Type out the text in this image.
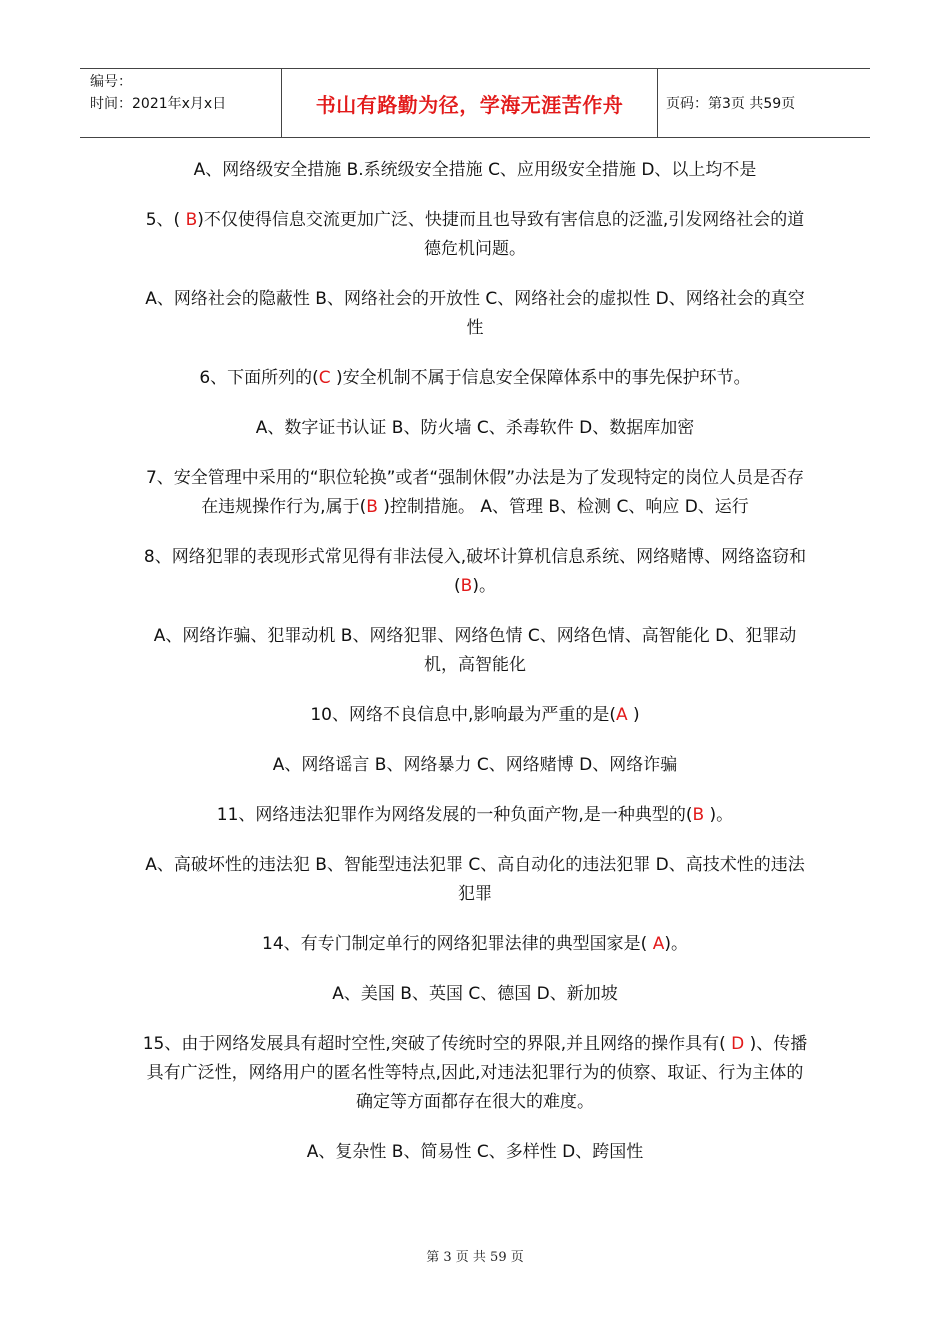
编号：
时间：2021年x月x日	书山有路勤为径，学海无涯苦作舟	页码：第3页 共59页
A、网络级安全措施 B.系统级安全措施 C、应用级安全措施 D、以上均不是
5、( B)不仅使得信息交流更加广泛、快捷而且也导致有害信息的泛滥,引发网络社会的道德危机问题。
A、网络社会的隐蔽性 B、网络社会的开放性 C、网络社会的虚拟性 D、网络社会的真空性
6、下面所列的(C )安全机制不属于信息安全保障体系中的事先保护环节。
A、数字证书认证 B、防火墙 C、杀毒软件 D、数据库加密
7、安全管理中采用的“职位轮换”或者“强制休假”办法是为了发现特定的岗位人员是否存在违规操作行为,属于(B )控制措施。 A、管理 B、检测 C、响应 D、运行
8、网络犯罪的表现形式常见得有非法侵入,破坏计算机信息系统、网络赌博、网络盗窃和(B)。
A、网络诈骗、犯罪动机 B、网络犯罪、网络色情 C、网络色情、高智能化 D、犯罪动机，高智能化
10、网络不良信息中,影响最为严重的是(A )
A、网络谣言 B、网络暴力 C、网络赌博 D、网络诈骗
11、网络违法犯罪作为网络发展的一种负面产物,是一种典型的(B )。
A、高破坏性的违法犯 B、智能型违法犯罪 C、高自动化的违法犯罪 D、高技术性的违法犯罪
14、有专门制定单行的网络犯罪法律的典型国家是( A)。
A、美国 B、英国 C、德国 D、新加坡
15、由于网络发展具有超时空性,突破了传统时空的界限,并且网络的操作具有( D )、传播具有广泛性，网络用户的匿名性等特点,因此,对违法犯罪行为的侦察、取证、行为主体的确定等方面都存在很大的难度。
A、复杂性 B、简易性 C、多样性 D、跨国性
第 3 页 共 59 页
